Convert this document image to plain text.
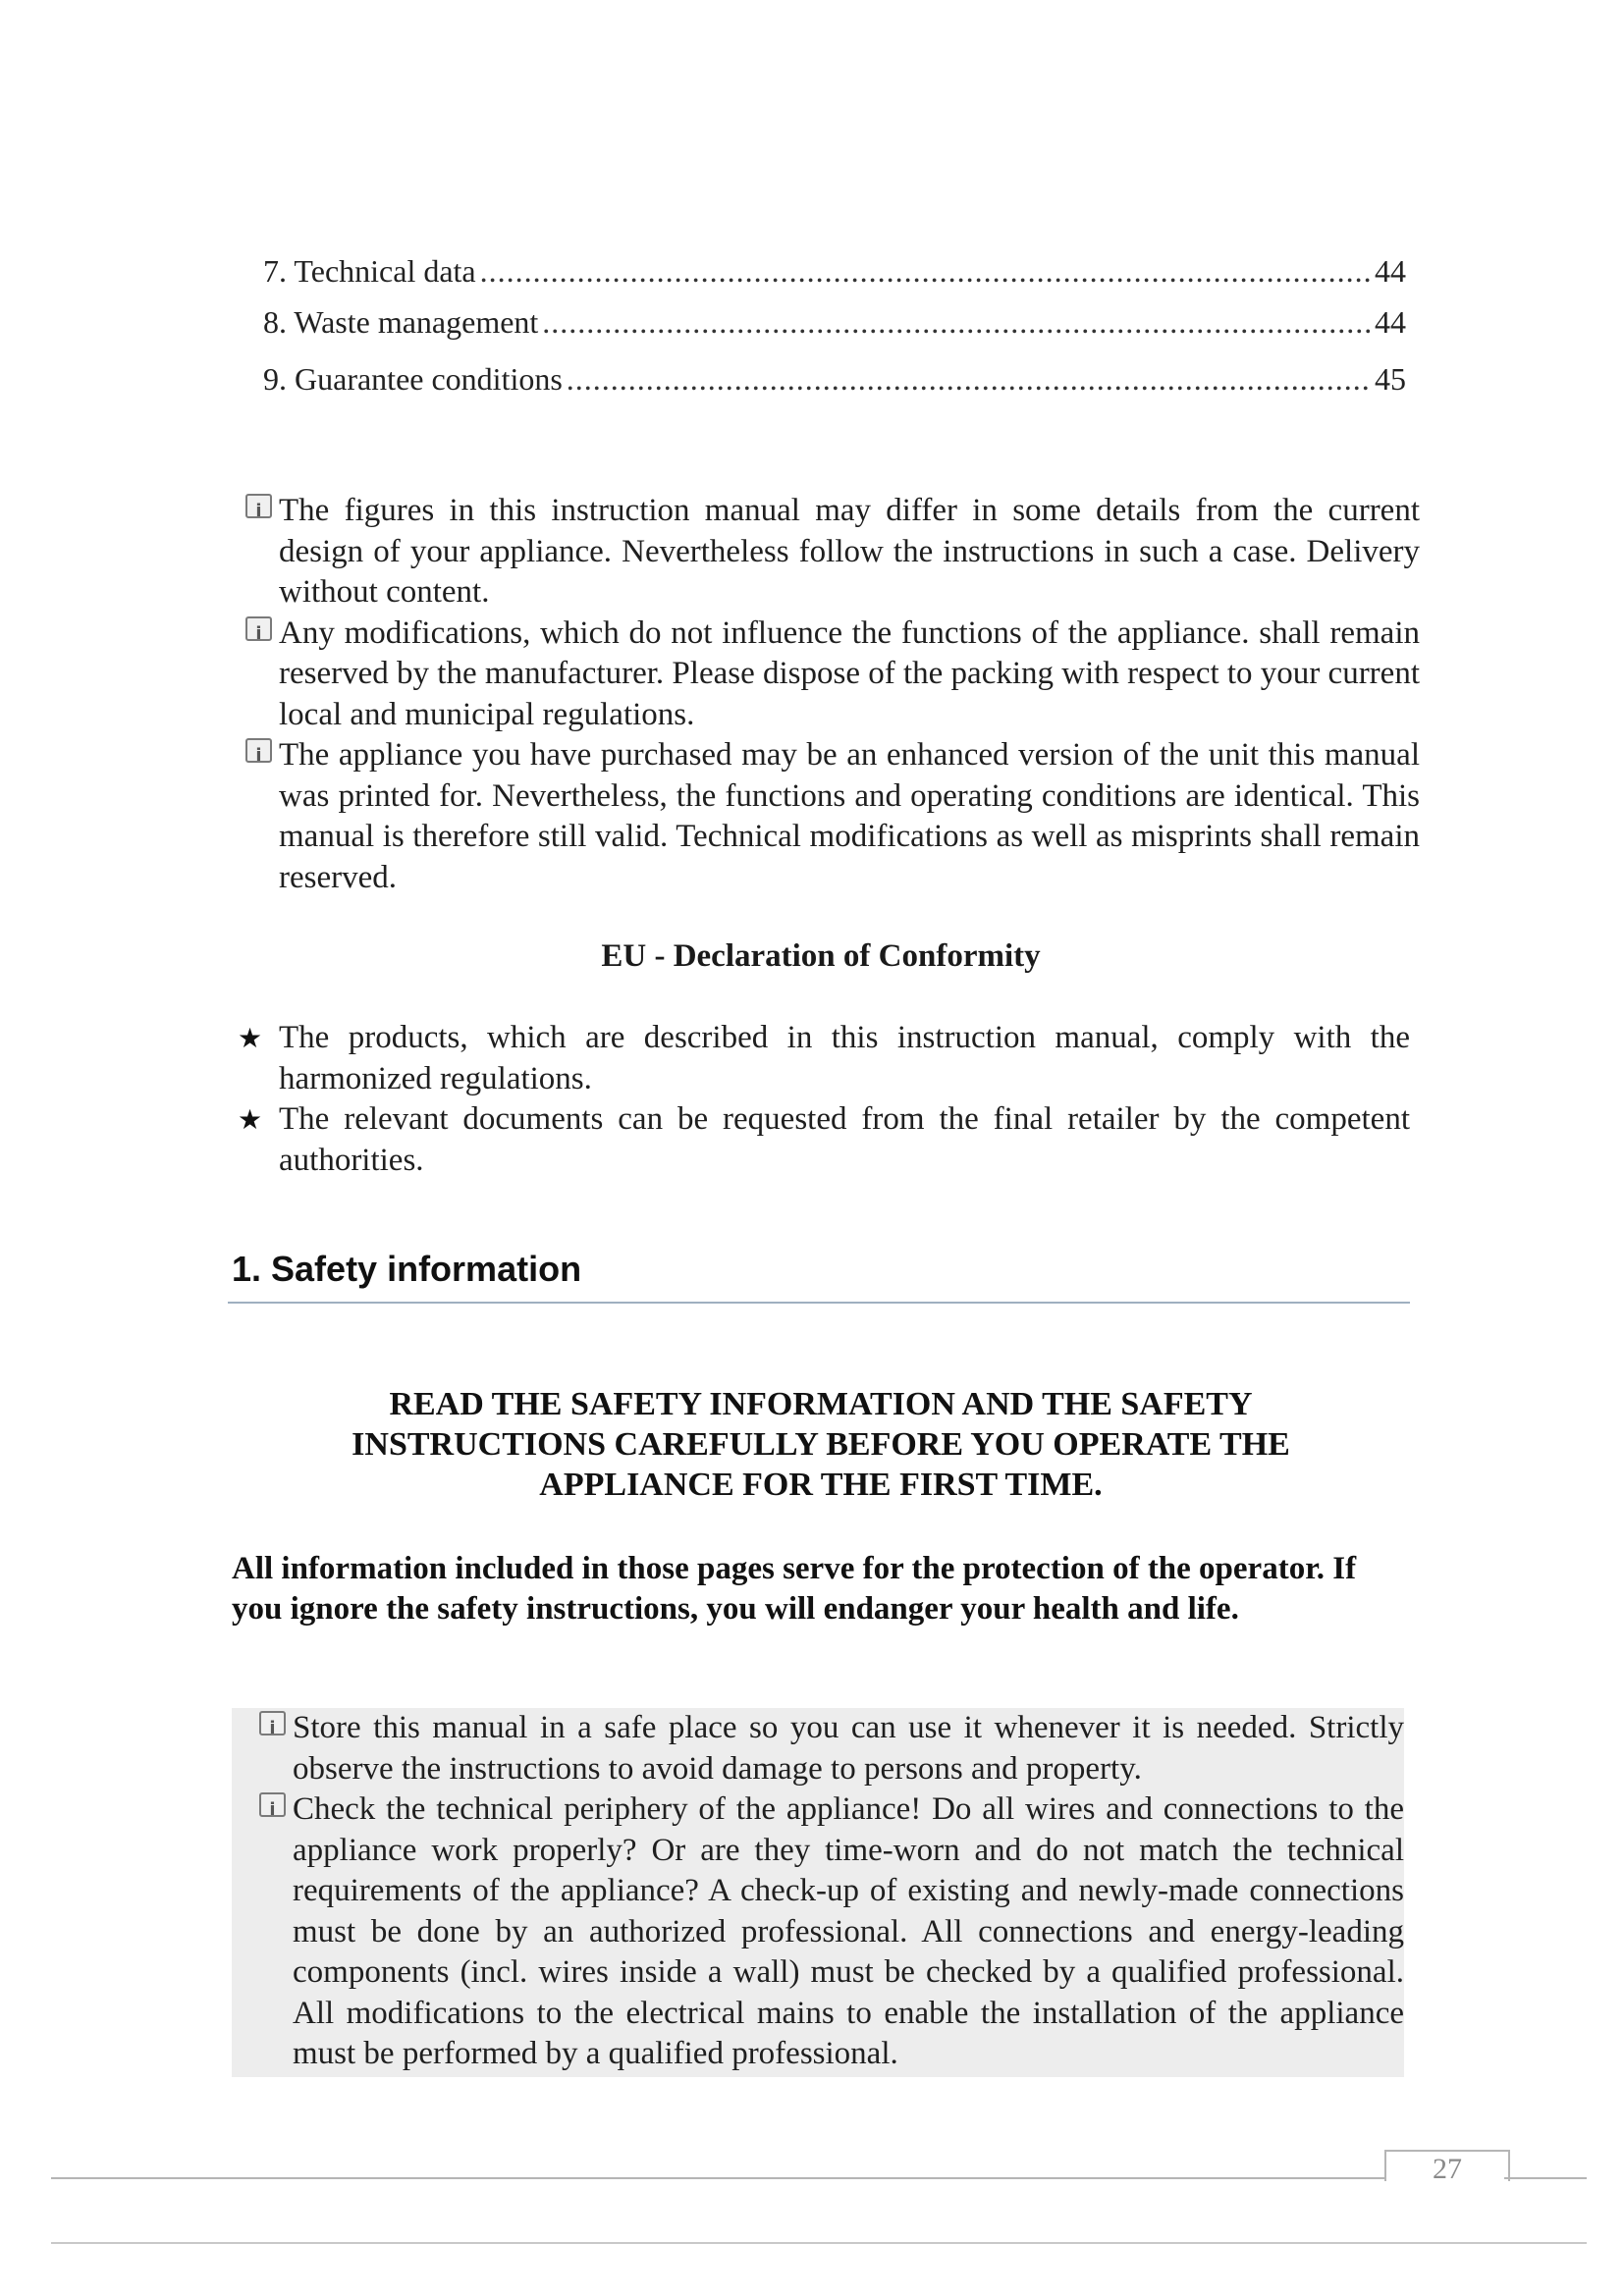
7. Technical data .....	44
8. Waste management .....	44
9. Guarantee conditions .....	45

iThe figures in this instruction manual may differ in some details from the current design of your appliance. Nevertheless follow the instructions in such a case. Delivery without content.

iAny modifications, which do not influence the functions of the appliance. shall remain reserved by the manufacturer. Please dispose of the packing with respect to your current local and municipal regulations.

iThe appliance you have purchased may be an enhanced version of the unit this manual was printed for. Nevertheless, the functions and operating conditions are identical. This manual is therefore still valid. Technical modifications as well as misprints shall remain reserved.

EU - Declaration of Conformity

★ The products, which are described in this instruction manual, comply with the harmonized regulations.

★ The relevant documents can be requested from the final retailer by the competent authorities.

1. Safety information
READ THE SAFETY INFORMATION AND THE SAFETY
INSTRUCTIONS CAREFULLY BEFORE YOU OPERATE THE
APPLIANCE FOR THE FIRST TIME.
All information included in those pages serve for the protection of the operator. If you ignore the safety instructions, you will endanger your health and life.

iStore this manual in a safe place so you can use it whenever it is needed. Strictly observe the instructions to avoid damage to persons and property.

iCheck the technical periphery of the appliance! Do all wires and connections to the appliance work properly? Or are they time-worn and do not match the technical requirements of the appliance? A check-up of existing and newly-made connections must be done by an authorized professional. All connections and energy-leading components (incl. wires inside a wall) must be checked by a qualified professional. All modifications to the electrical mains to enable the installation of the appliance must be performed by a qualified professional.

27
